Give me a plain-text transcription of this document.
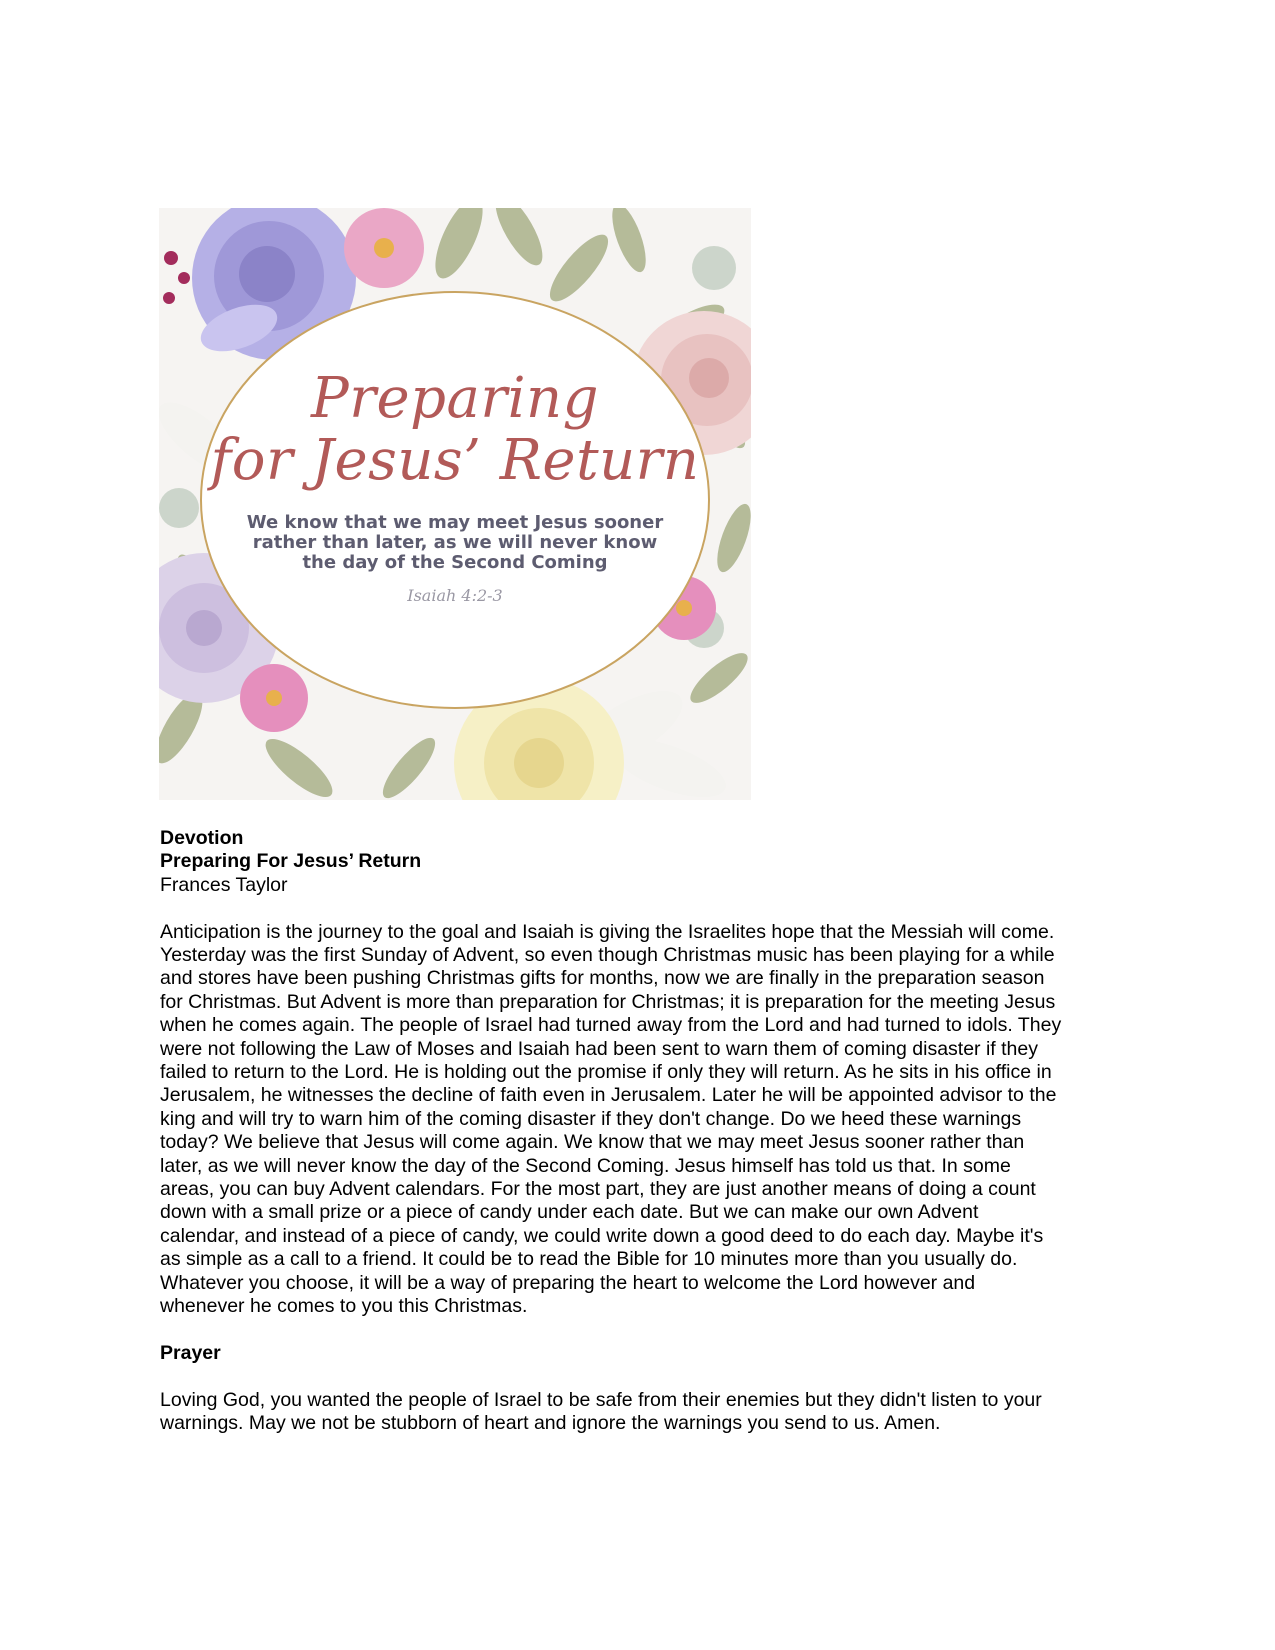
Preparing
for Jesus’ Return
We know that we may meet Jesus sooner
rather than later, as we will never know
the day of the Second Coming
Isaiah 4:2-3

Devotion

Preparing For Jesus’ Return

Frances Taylor

Anticipation is the journey to the goal and Isaiah is giving the Israelites hope that the Messiah will come.

Yesterday was the first Sunday of Advent, so even though Christmas music has been playing for a while

and stores have been pushing Christmas gifts for months, now we are finally in the preparation season

for Christmas. But Advent is more than preparation for Christmas; it is preparation for the meeting Jesus

when he comes again. The people of Israel had turned away from the Lord and had turned to idols. They

were not following the Law of Moses and Isaiah had been sent to warn them of coming disaster if they

failed to return to the Lord. He is holding out the promise if only they will return. As he sits in his office in

Jerusalem, he witnesses the decline of faith even in Jerusalem. Later he will be appointed advisor to the

king and will try to warn him of the coming disaster if they don't change. Do we heed these warnings

today? We believe that Jesus will come again. We know that we may meet Jesus sooner rather than

later, as we will never know the day of the Second Coming. Jesus himself has told us that. In some

areas, you can buy Advent calendars. For the most part, they are just another means of doing a count

down with a small prize or a piece of candy under each date. But we can make our own Advent

calendar, and instead of a piece of candy, we could write down a good deed to do each day. Maybe it's

as simple as a call to a friend. It could be to read the Bible for 10 minutes more than you usually do.

Whatever you choose, it will be a way of preparing the heart to welcome the Lord however and

whenever he comes to you this Christmas.

Prayer

Loving God, you wanted the people of Israel to be safe from their enemies but they didn't listen to your

warnings. May we not be stubborn of heart and ignore the warnings you send to us. Amen.
